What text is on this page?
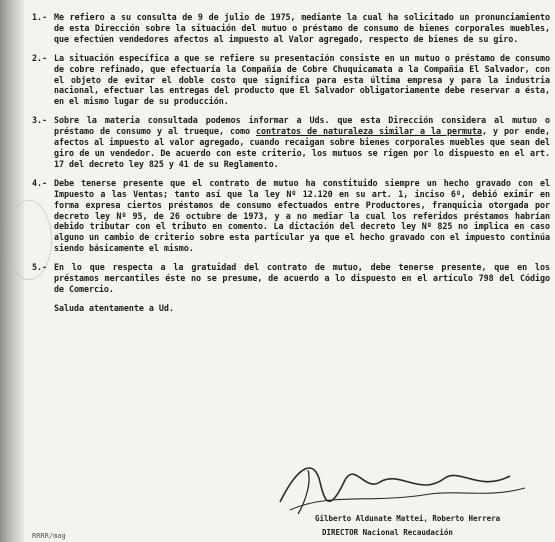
1.- Me refiero a su consulta de 9 de julio de 1975, mediante la cual ha solicitado un pronunciamiento de esta Dirección sobre la situación del mutuo o préstamo de consumo de bienes corporales muebles, que efectúen vendedores afectos al impuesto al Valor agregado, respecto de bienes de su giro.
2.- La situación específica a que se refiere su presentación consiste en un mutuo o préstamo de consumo de cobre refinado, que efectuaría la Compañía de Cobre Chuquicamata a la Compañía El Salvador, con el objeto de evitar el doble costo que significa para esta última empresa y para la industria nacional, efectuar las entregas del producto que El Salvador obligatoriamente debe reservar a ésta, en el mismo lugar de su producción.
3.- Sobre la materia consultada podemos informar a Uds. que esta Dirección considera al mutuo o préstamo de consumo y al trueque, como contratos de naturaleza similar a la permuta, y por ende, afectos al impuesto al valor agregado, cuando recaigan sobre bienes corporales muebles que sean del giro de un vendedor. De acuerdo con este criterio, los mutuos se rigen por lo dispuesto en el art. 17 del decreto ley 825 y 41 de su Reglamento.
4.- Debe tenerse presente que el contrato de mutuo ha constituido siempre un hecho gravado con el Impuesto a las Ventas; tanto así que la ley Nº 12.120 en su art. 1, inciso 6º, debió eximir en forma expresa ciertos préstamos de consumo efectuados entre Productores, franquicia otorgada por decreto ley Nº 95, de 26 octubre de 1973, y a no mediar la cual los referidos préstamos habrían debido tributar con el tributo en comento. La dictación del decreto ley Nº 825 no implica en caso alguno un cambio de criterio sobre esta particular ya que el hecho gravado con el impuesto continúa siendo básicamente el mismo.
5.- En lo que respecta a la gratuidad del contrato de mutuo, debe tenerse presente, que en los préstamos mercantiles éste no se presume, de acuerdo a lo dispuesto en el artículo 798 del Código de Comercio.
Saluda atentamente a Ud.
Gilberto Aldunate Mattei, Roberto Herrera
DIRECTOR Nacional Recaudación
RRRR/mag
